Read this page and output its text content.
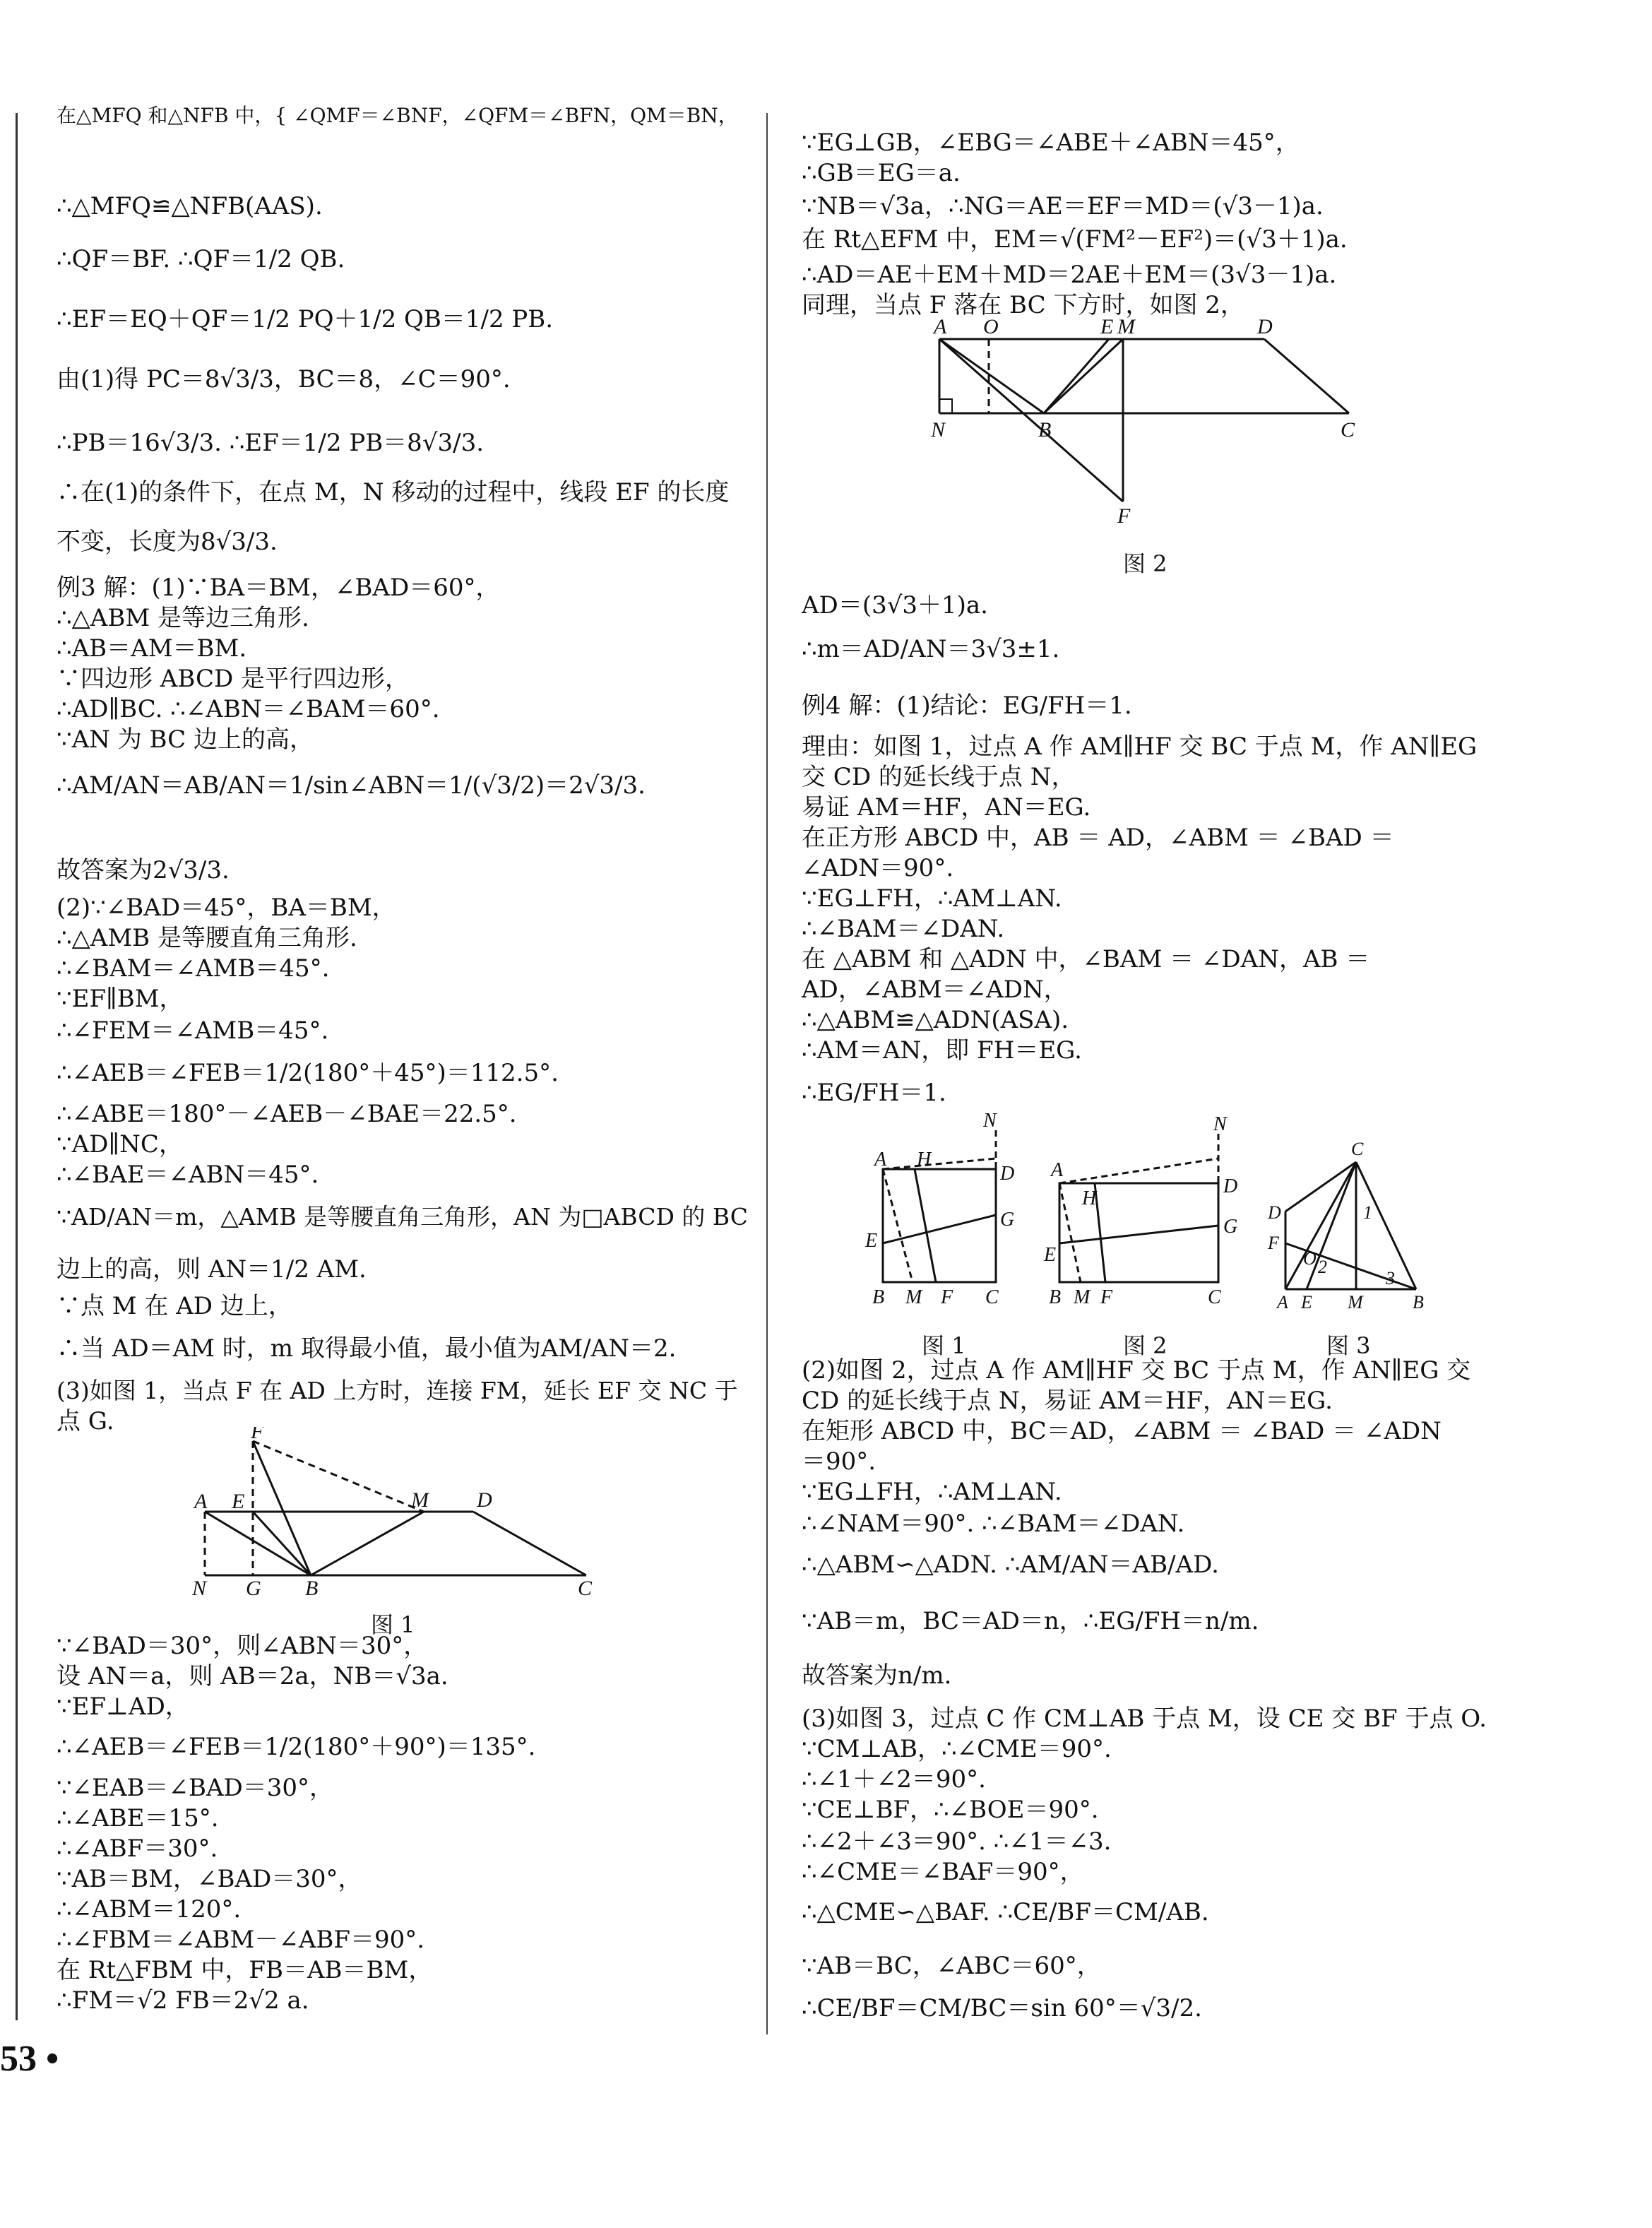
在△MFQ 和△NFB 中，{ ∠QMF＝∠BNF，∠QFM＝∠BFN，QM＝BN，
∴△MFQ≌△NFB(AAS).
∴QF＝BF. ∴QF＝1/2 QB.
∴EF＝EQ＋QF＝1/2 PQ＋1/2 QB＝1/2 PB.
由(1)得 PC＝8√3/3，BC＝8，∠C＝90°.
∴PB＝16√3/3. ∴EF＝1/2 PB＝8√3/3.
∴在(1)的条件下，在点 M，N 移动的过程中，线段 EF 的长度
不变，长度为8√3/3.
例3 解：(1)∵BA＝BM，∠BAD＝60°，
∴△ABM 是等边三角形.
∴AB＝AM＝BM.
∵四边形 ABCD 是平行四边形，
∴AD∥BC. ∴∠ABN＝∠BAM＝60°.
∵AN 为 BC 边上的高，
∴AM/AN＝AB/AN＝1/sin∠ABN＝1/(√3/2)＝2√3/3.
故答案为2√3/3.
(2)∵∠BAD＝45°，BA＝BM，
∴△AMB 是等腰直角三角形.
∴∠BAM＝∠AMB＝45°.
∵EF∥BM，
∴∠FEM＝∠AMB＝45°.
∴∠AEB＝∠FEB＝1/2(180°＋45°)＝112.5°.
∴∠ABE＝180°－∠AEB－∠BAE＝22.5°.
∵AD∥NC，
∴∠BAE＝∠ABN＝45°.
∵AD/AN＝m，△AMB 是等腰直角三角形，AN 为□ABCD 的 BC
边上的高，则 AN＝1/2 AM.
∵点 M 在 AD 边上，
∴当 AD＝AM 时，m 取得最小值，最小值为AM/AN＝2.
(3)如图 1，当点 F 在 AD 上方时，连接 FM，延长 EF 交 NC 于
点 G.
∵∠BAD＝30°，则∠ABN＝30°，
设 AN＝a，则 AB＝2a，NB＝√3a.
∵EF⊥AD，
∴∠AEB＝∠FEB＝1/2(180°＋90°)＝135°.
∵∠EAB＝∠BAD＝30°，
∴∠ABE＝15°.
∴∠ABF＝30°.
∵AB＝BM，∠BAD＝30°，
∴∠ABM＝120°.
∴∠FBM＝∠ABM－∠ABF＝90°.
在 Rt△FBM 中，FB＝AB＝BM，
∴FM＝√2 FB＝2√2 a.
∵EG⊥GB，∠EBG＝∠ABE＋∠ABN＝45°，
∴GB＝EG＝a.
∵NB＝√3a，∴NG＝AE＝EF＝MD＝(√3－1)a.
在 Rt△EFM 中，EM＝√(FM²－EF²)＝(√3＋1)a.
∴AD＝AE＋EM＋MD＝2AE＋EM＝(3√3－1)a.
同理，当点 F 落在 BC 下方时，如图 2，
AD＝(3√3＋1)a.
∴m＝AD/AN＝3√3±1.
例4 解：(1)结论：EG/FH＝1.
理由：如图 1，过点 A 作 AM∥HF 交 BC 于点 M，作 AN∥EG
交 CD 的延长线于点 N，
易证 AM＝HF，AN＝EG.
在正方形 ABCD 中，AB ＝ AD，∠ABM ＝ ∠BAD ＝
∠ADN＝90°.
∵EG⊥FH，∴AM⊥AN.
∴∠BAM＝∠DAN.
在 △ABM 和 △ADN 中，∠BAM ＝ ∠DAN，AB ＝
AD，∠ABM＝∠ADN，
∴△ABM≌△ADN(ASA).
∴AM＝AN，即 FH＝EG.
∴EG/FH＝1.
(2)如图 2，过点 A 作 AM∥HF 交 BC 于点 M，作 AN∥EG 交
CD 的延长线于点 N，易证 AM＝HF，AN＝EG.
在矩形 ABCD 中，BC＝AD，∠ABM ＝ ∠BAD ＝ ∠ADN
＝90°.
∵EG⊥FH，∴AM⊥AN.
∴∠NAM＝90°. ∴∠BAM＝∠DAN.
∴△ABM∽△ADN. ∴AM/AN＝AB/AD.
∵AB＝m，BC＝AD＝n，∴EG/FH＝n/m.
故答案为n/m.
(3)如图 3，过点 C 作 CM⊥AB 于点 M，设 CE 交 BF 于点 O.
∵CM⊥AB，∴∠CME＝90°.
∴∠1＋∠2＝90°.
∵CE⊥BF，∴∠BOE＝90°.
∴∠2＋∠3＝90°. ∴∠1＝∠3.
∴∠CME＝∠BAF＝90°，
∴△CME∽△BAF. ∴CE/BF＝CM/AB.
∵AB＝BC，∠ABC＝60°，
∴CE/BF＝CM/BC＝sin 60°＝√3/2.
A E
F
M D
N G B	C
图 1
A O	E M	D
N	B	C
F
图 2
N
A H
D
G
E
B M F C
图 1
N
A
H
D
G
E
B M F	C
图 2
C
D
F
O 2
1
3
A E M	B
图 3
53 •
